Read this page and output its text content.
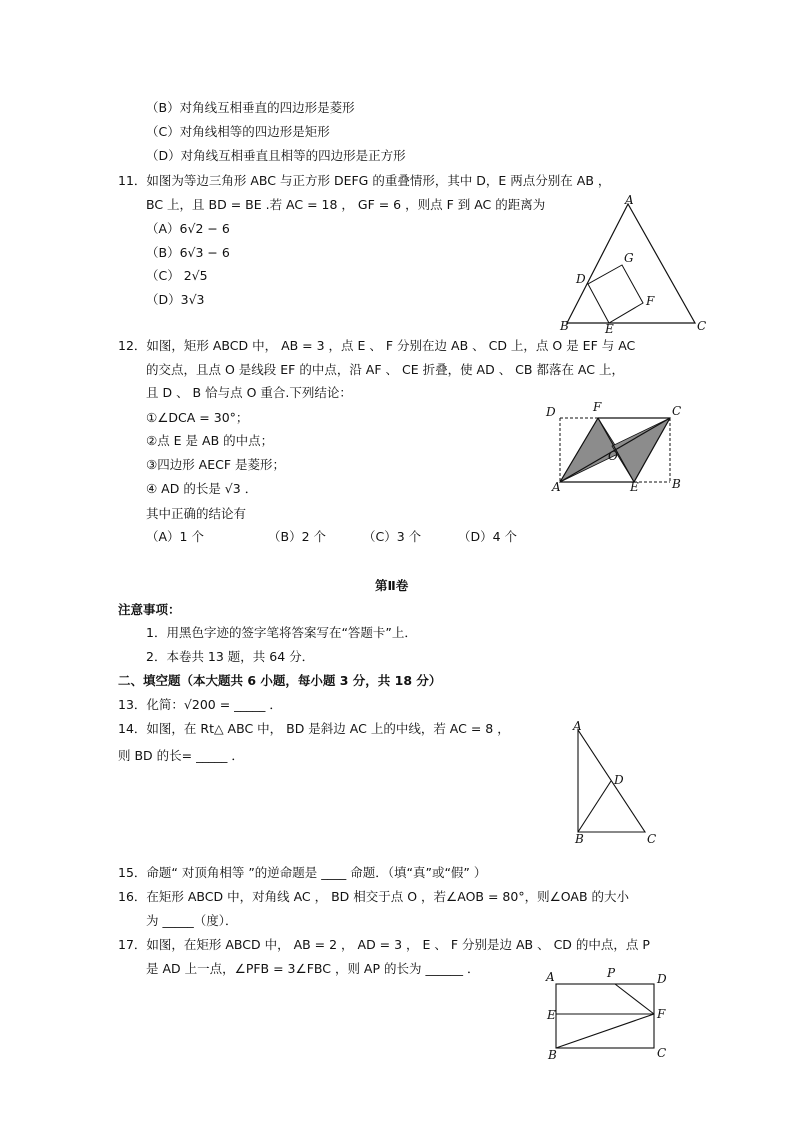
（B）对角线互相垂直的四边形是菱形
（C）对角线相等的四边形是矩形
（D）对角线互相垂直且相等的四边形是正方形
11．如图为等边三角形 ABC 与正方形 DEFG 的重叠情形，其中 D，E 两点分别在 AB ，
BC 上，且 BD = BE .若 AC = 18 ， GF = 6 ，则点 F 到 AC 的距离为
（A）6√2 − 6
（B）6√3 − 6
（C） 2√5
（D）3√3
A
B	C
D
E
F
G
12．如图，矩形 ABCD 中， AB = 3 ，点 E 、 F 分别在边 AB 、 CD 上，点 O 是 EF 与 AC
的交点，且点 O 是线段 EF 的中点，沿 AF 、 CE 折叠，使 AD 、 CB 都落在 AC 上，
且 D 、 B 恰与点 O 重合.下列结论：
①∠DCA = 30°；
②点 E 是 AB 的中点；
③四边形 AECF 是菱形；
④ AD 的长是 √3 ．
其中正确的结论有
（A）1 个	（B）2 个	（C）3 个	（D）4 个
D	F	C
O
A	E	B
第Ⅱ卷
注意事项：
1．用黑色字迹的签字笔将答案写在“答题卡”上．
2．本卷共 13 题，共 64 分．
二、填空题（本大题共 6 小题，每小题 3 分，共 18 分）
13．化简：√200 = _____ ．
14．如图，在 Rt△ ABC 中， BD 是斜边 AC 上的中线，若 AC = 8 ，
则 BD 的长= _____ ．
A
B	C
D
15．命题“ 对顶角相等 ”的逆命题是 ____ 命题．（填“真”或“假” ）
16．在矩形 ABCD 中，对角线 AC ， BD 相交于点 O ，若∠AOB = 80°，则∠OAB 的大小
为 _____（度）．
17．如图，在矩形 ABCD 中， AB = 2 ， AD = 3 ， E 、 F 分别是边 AB 、 CD 的中点，点 P
是 AD 上一点，∠PFB = 3∠FBC ，则 AP 的长为 ______ ．
A	P	D
E	F
B	C
